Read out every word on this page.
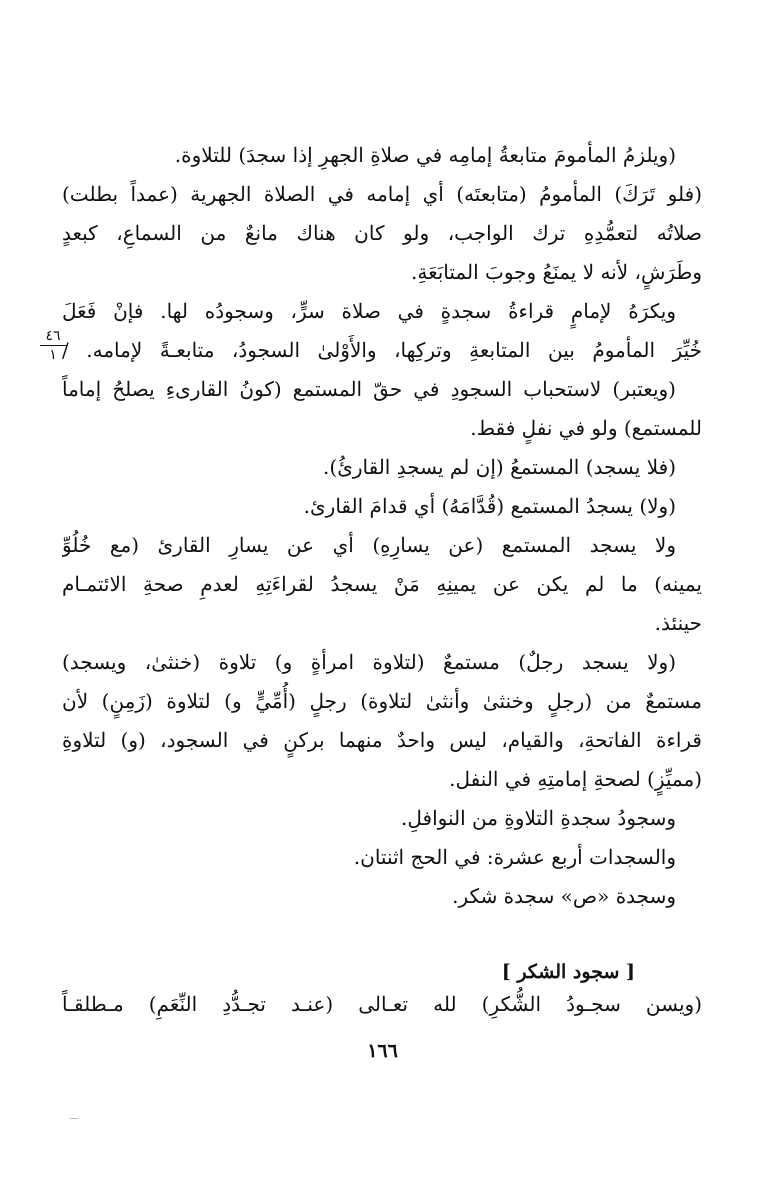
(ويلزمُ المأمومَ متابعةُ إمامِه في صلاةِ الجهرِ إذا سجدَ) للتلاوة.
(فلو تَرَكَ) المأمومُ (متابعتَه) أي إمامه في الصلاة الجهرية (عمداً بطلت)
صلاتُه لتعمُّدِهِ ترك الواجب، ولو كان هناك مانعٌ من السماعِ، كبعدٍ
وطَرَشٍ، لأنه لا يمنَعُ وجوبَ المتابَعَةِ.
ويكرَهُ لإمامٍ قراءةُ سجدةٍ في صلاة سرٍّ، وسجودُه لها. فإنْ فَعَلَ
خُيِّرَ المأمومُ بين المتابعةِ وتركِها، والأَوْلىٰ السجودُ، متابعـةً لإمامه. /
(ويعتبر) لاستحباب السجودِ في حقّ المستمع (كونُ القارىءِ يصلحُ إماماً
للمستمع) ولو في نفلٍ فقط.
(فلا يسجد) المستمعُ (إن لم يسجدِ القارئُ).
(ولا) يسجدُ المستمع (قُدَّامَهُ) أي قدامَ القارئ.
ولا يسجد المستمع (عن يسارِهِ) أي عن يسارِ القارئ (مع خُلُوِّ
يمينه) ما لم يكن عن يمينِهِ مَنْ يسجدُ لقراءَتِهِ لعدمِ صحةِ الائتمـام
حينئذ.
(ولا يسجد رجلٌ) مستمعٌ (لتلاوة امرأةٍ و) تلاوة (خنثىٰ، ويسجد)
مستمعٌ من (رجلٍ وخنثىٰ وأنثىٰ لتلاوة) رجلٍ (أُمِّيٍّ و) لتلاوة (زَمِنٍ) لأن
قراءة الفاتحةِ، والقيام، ليس واحدٌ منهما بركنٍ في السجود، (و) لتلاوةِ
(مميِّزٍ) لصحةِ إمامتِهِ في النفل.
وسجودُ سجدةِ التلاوةِ من النوافلِ.
والسجدات أربع عشرة: في الحج اثنتان.
وسجدة «ص» سجدة شكر.
٤٦
١
[ سجود الشكر ]
(ويسن سجـودُ الشُّكرِ) لله تعـالى (عنـد تجـدُّدِ النِّعَمِ) مـطلقـاً
١٦٦
